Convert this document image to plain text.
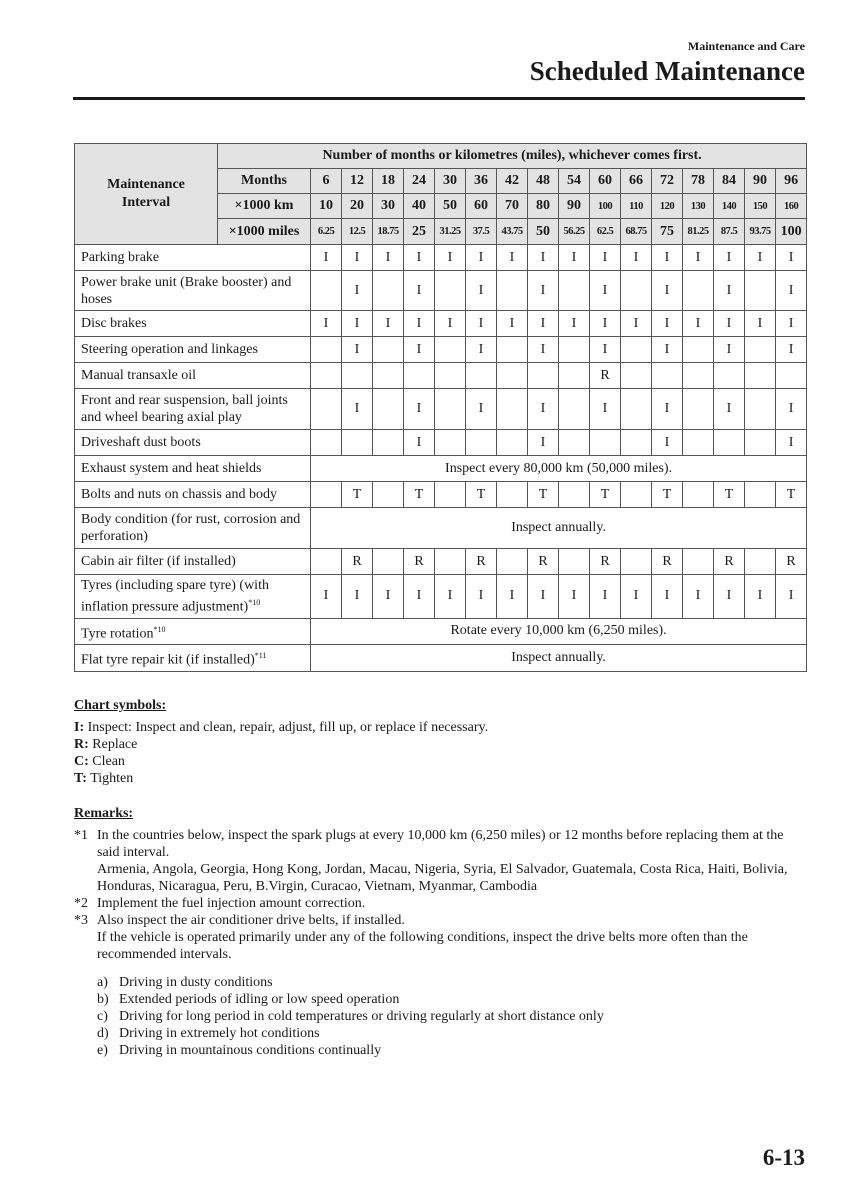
Maintenance and Care
Scheduled Maintenance
Maintenance
Interval	Number of months or kilometres (miles), whichever comes first.																
	Months	6	12	18	24	30	36	42	48	54	60	66	72	78	84	90	96
	×1000 km	10	20	30	40	50	60	70	80	90	100	110	120	130	140	150	160
	×1000 miles	6.25	12.5	18.75	25	31.25	37.5	43.75	50	56.25	62.5	68.75	75	81.25	87.5	93.75	100
Parking brake		I	I	I	I	I	I	I	I	I	I	I	I	I	I	I	I
Power brake unit (Brake booster) and hoses			I		I		I		I		I		I		I		I
Disc brakes		I	I	I	I	I	I	I	I	I	I	I	I	I	I	I	I
Steering operation and linkages			I		I		I		I		I		I		I		I
Manual transaxle oil											R						
Front and rear suspension, ball joints and wheel bearing axial play			I		I		I		I		I		I		I		I
Driveshaft dust boots					I				I				I				I
Exhaust system and heat shields		Inspect every 80,000 km (50,000 miles).															
Bolts and nuts on chassis and body			T		T		T		T		T		T		T		T
Body condition (for rust, corrosion and perforation)		Inspect annually.															
Cabin air filter (if installed)			R		R		R		R		R		R		R		R
Tyres (including spare tyre) (with inflation pressure adjustment)$^{*10}$		I	I	I	I	I	I	I	I	I	I	I	I	I	I	I	I
Tyre rotation$^{*10}$		Rotate every 10,000 km (6,250 miles).															
Flat tyre repair kit (if installed)$^{*11}$		Inspect annually.															
Chart symbols:
I: Inspect: Inspect and clean, repair, adjust, fill up, or replace if necessary.
R: Replace
C: Clean
T: Tighten
Remarks:
*1 In the countries below, inspect the spark plugs at every 10,000 km (6,250 miles) or 12 months before replacing them at the said interval.
Armenia, Angola, Georgia, Hong Kong, Jordan, Macau, Nigeria, Syria, El Salvador, Guatemala, Costa Rica, Haiti, Bolivia, Honduras, Nicaragua, Peru, B.Virgin, Curacao, Vietnam, Myanmar, Cambodia
*2 Implement the fuel injection amount correction.
*3 Also inspect the air conditioner drive belts, if installed.
If the vehicle is operated primarily under any of the following conditions, inspect the drive belts more often than the recommended intervals.
a) Driving in dusty conditions
b) Extended periods of idling or low speed operation
c) Driving for long period in cold temperatures or driving regularly at short distance only
d) Driving in extremely hot conditions
e) Driving in mountainous conditions continually
6-13
